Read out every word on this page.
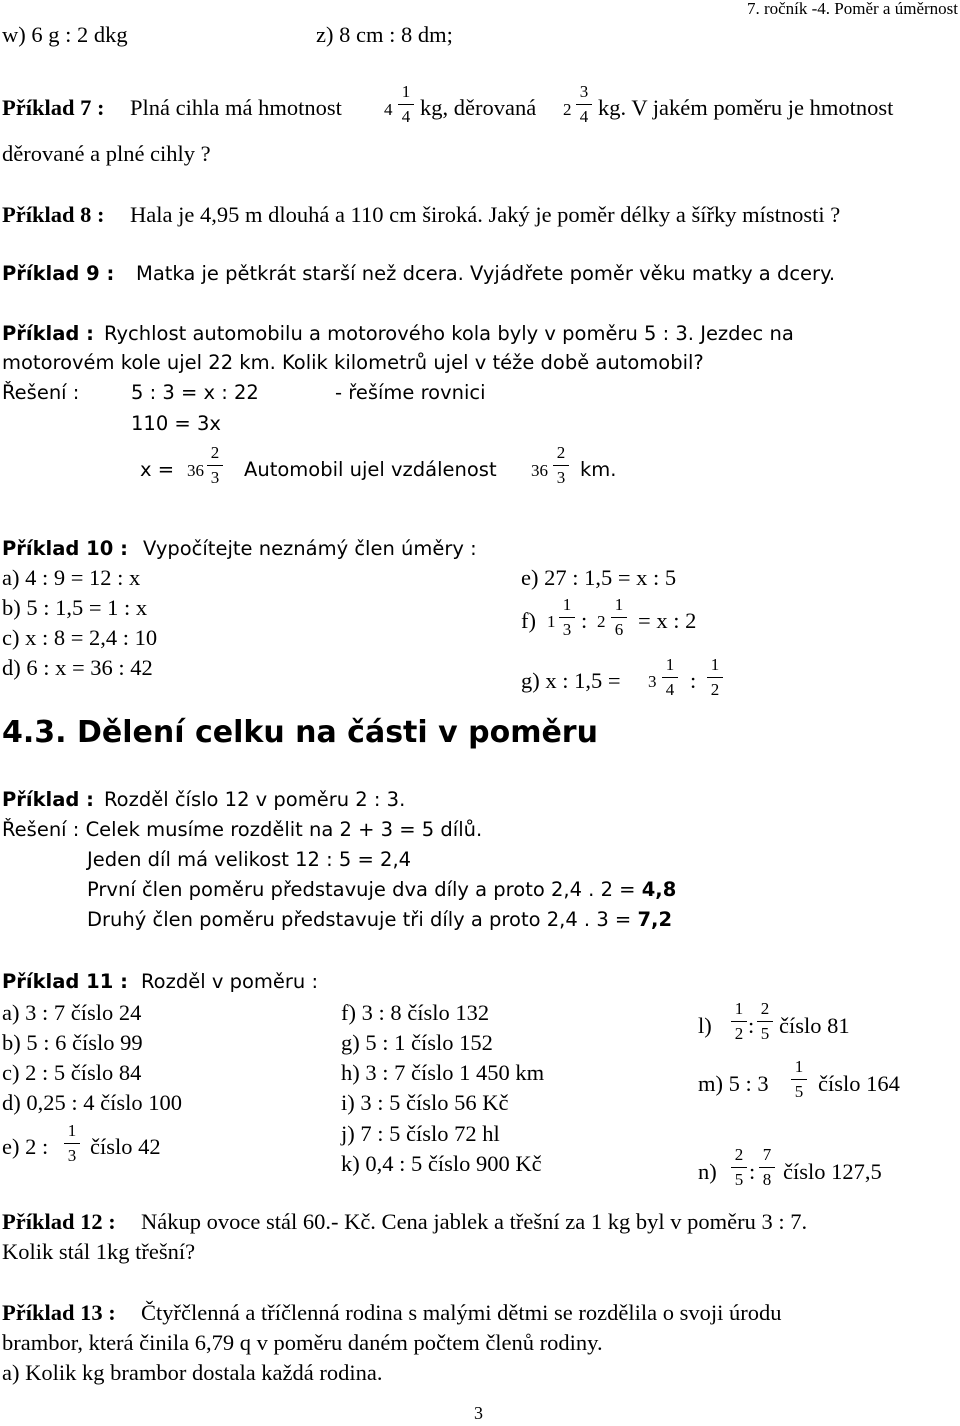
w) 6 g : 2 dkg	z) 8 cm : 8 dm;
7. ročník -4. Poměr a úměrnost
Příklad 7 : Plná cihla má hmotnost 4
1
4 kg, děrovaná 2
3
4 kg. V jakém poměru je hmotnost
děrované a plné cihly ?
Příklad 8 : Hala je 4,95 m dlouhá a 110 cm široká. Jaký je poměr délky a šířky místnosti ?
Příklad 9 : Matka je pětkrát starší než dcera. Vyjádřete poměr věku matky a dcery.
Příklad : Rychlost automobilu a motorového kola byly v poměru 5 : 3. Jezdec na
motorovém kole ujel 22 km. Kolik kilometrů ujel v téže době automobil?
Řešení :	5 : 3 = x : 22	- řešíme rovnici
110 = 3x
x = 36
2
3 Automobil ujel vzdálenost 36
2
3 km.
Příklad 10 : Vypočítejte neznámý člen úměry :
a) 4 : 9 = 12 : x
b) 5 : 1,5 = 1 : x
c) x : 8 = 2,4 : 10
d) 6 : x = 36 : 42
e) 27 : 1,5 = x : 5
f) 1
1
3 : 2
1
6 = x : 2
g) x : 1,5 = 3
1
4 :
1
2
4.3. Dělení celku na části v poměru
Příklad : Rozděl číslo 12 v poměru 2 : 3.
Řešení : Celek musíme rozdělit na 2 + 3 = 5 dílů.
Jeden díl má velikost 12 : 5 = 2,4
První člen poměru představuje dva díly a proto 2,4 . 2 = 4,8
Druhý člen poměru představuje tři díly a proto 2,4 . 3 = 7,2
Příklad 11 : Rozděl v poměru :
a) 3 : 7 číslo 24
b) 5 : 6 číslo 99
c) 2 : 5 číslo 84
d) 0,25 : 4 číslo 100
e) 2 :
1
3 číslo 42
f) 3 : 8 číslo 132
g) 5 : 1 číslo 152
h) 3 : 7 číslo 1 450 km
i) 3 : 5 číslo 56 Kč
j) 7 : 5 číslo 72 hl
k) 0,4 : 5 číslo 900 Kč
l)
1
2 :
2
5 číslo 81
m) 5 : 3
1
5 číslo 164
n)
2
5 :
7
8 číslo 127,5
Příklad 12 : Nákup ovoce stál 60.- Kč. Cena jablek a třešní za 1 kg byl v poměru 3 : 7.
Kolik stál 1kg třešní?
Příklad 13 : Čtyřčlenná a tříčlenná rodina s malými dětmi se rozdělila o svoji úrodu
brambor, která činila 6,79 q v poměru daném počtem členů rodiny.
a) Kolik kg brambor dostala každá rodina.
3
